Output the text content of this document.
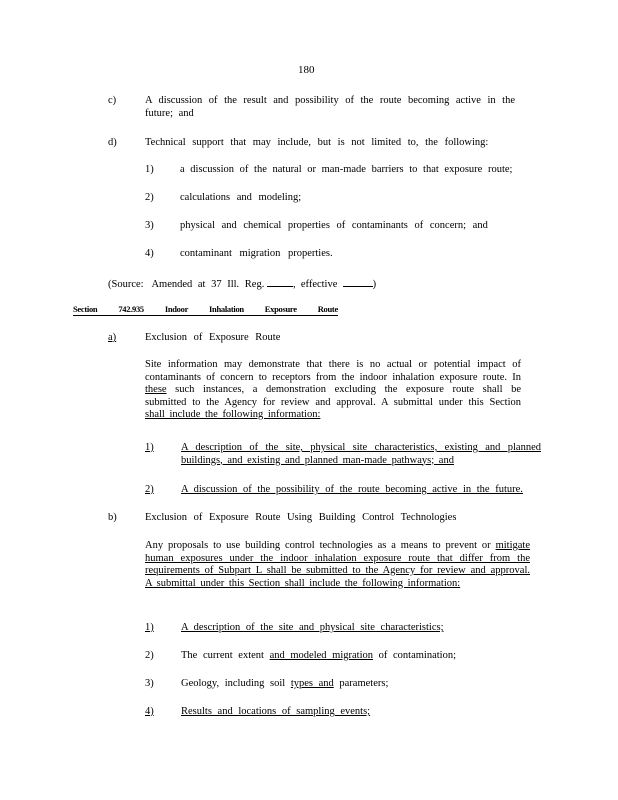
180
c)	A discussion of the result and possibility of the route becoming active in the future; and
d)	Technical support that may include, but is not limited to, the following:
1)	a discussion of the natural or man-made barriers to that exposure route;
2)	calculations and modeling;
3)	physical and chemical properties of contaminants of concern; and
4)	contaminant migration properties.
(Source: Amended at 37 Ill. Reg.	, effective	)
Section 742.935 Indoor Inhalation Exposure Route
a)	Exclusion of Exposure Route
Site information may demonstrate that there is no actual or potential impact of contaminants of concern to receptors from the indoor inhalation exposure route. In these such instances, a demonstration excluding the exposure route shall be submitted to the Agency for review and approval. A submittal under this Section shall include the following information:
1)	A description of the site, physical site characteristics, existing and planned buildings, and existing and planned man-made pathways; and
2)	A discussion of the possibility of the route becoming active in the future.
b)	Exclusion of Exposure Route Using Building Control Technologies
Any proposals to use building control technologies as a means to prevent or mitigate human exposures under the indoor inhalation exposure route that differ from the requirements of Subpart L shall be submitted to the Agency for review and approval. A submittal under this Section shall include the following information:
1)	A description of the site and physical site characteristics;
2)	The current extent and modeled migration of contamination;
3)	Geology, including soil types and parameters;
4)	Results and locations of sampling events;
